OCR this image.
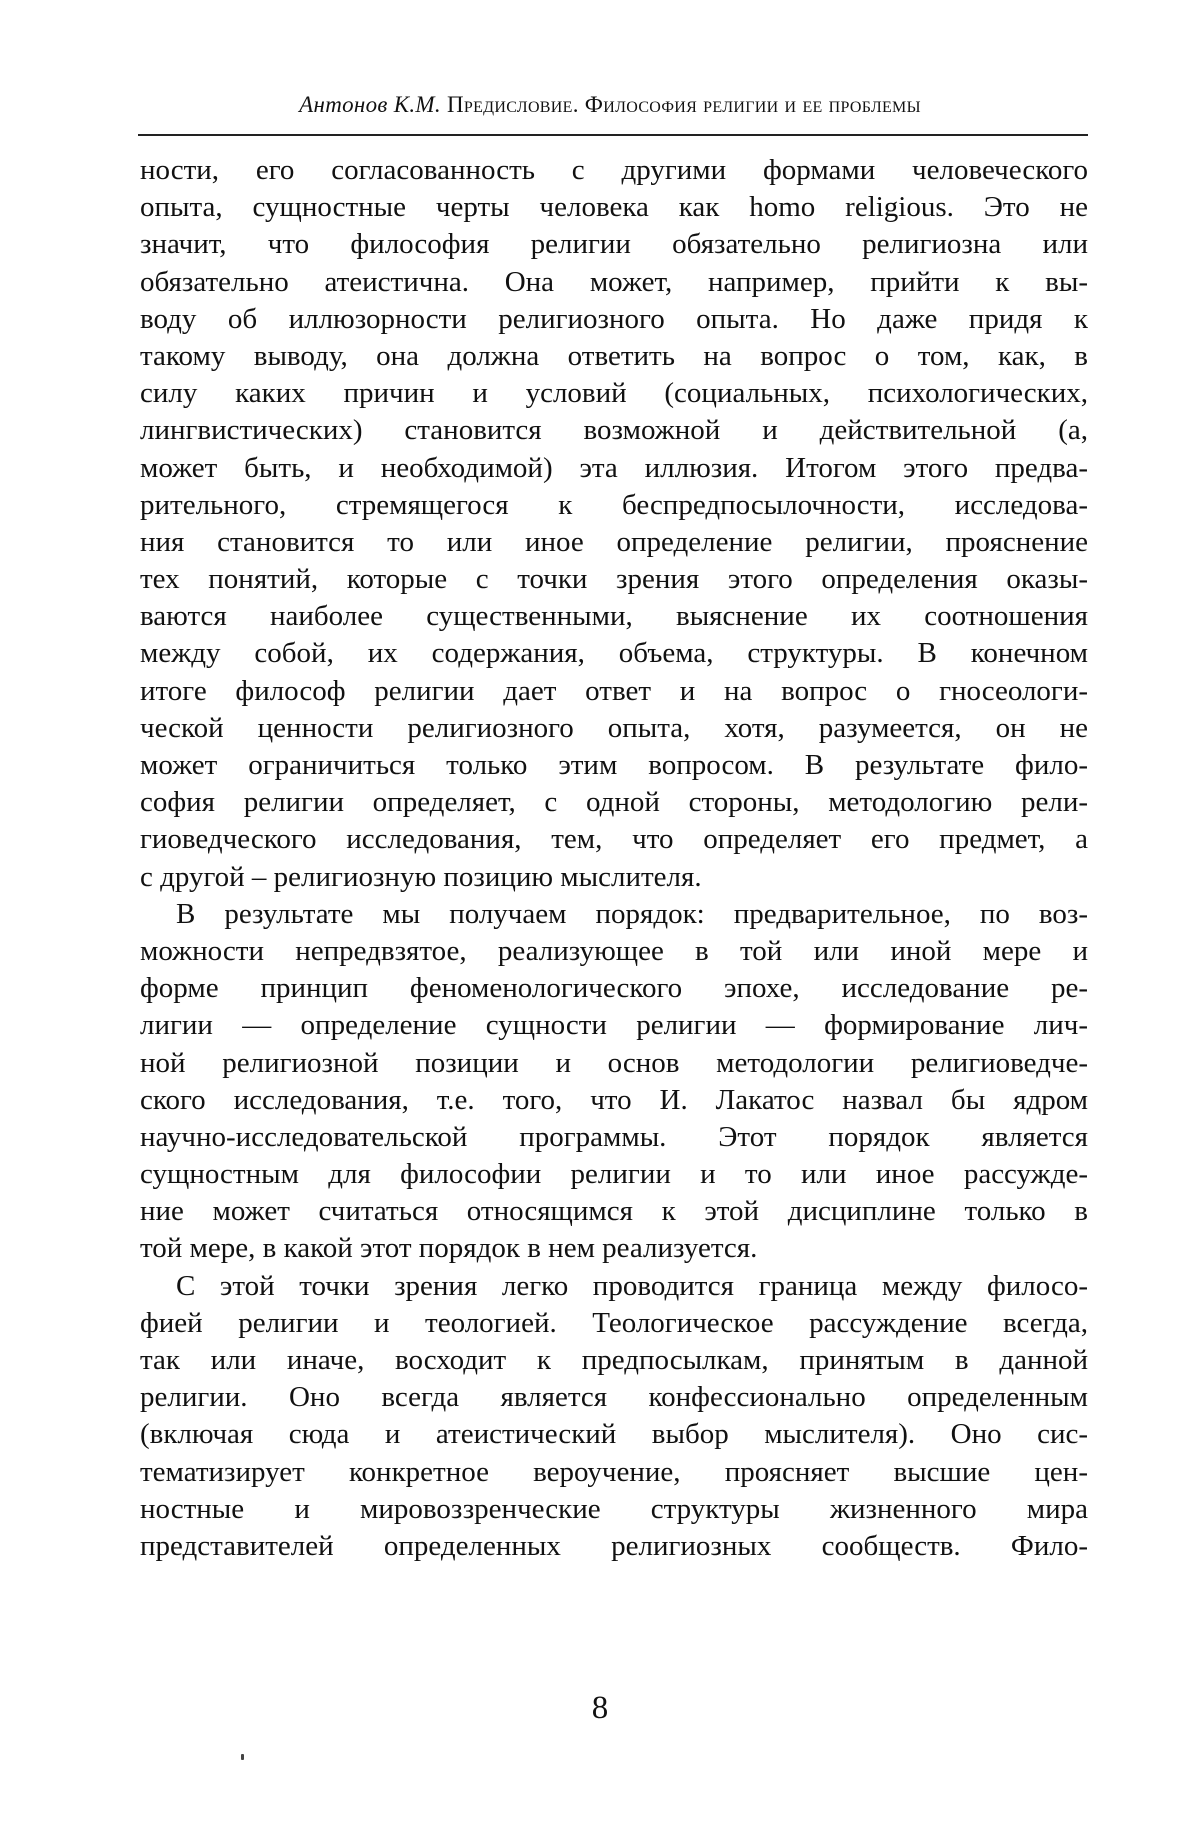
Антонов К.М. Предисловие. Философия религии и ее проблемы
ности, его согласованность с другими формами человеческого
опыта, сущностные черты человека как homo religious. Это не
значит, что философия религии обязательно религиозна или
обязательно атеистична. Она может, например, прийти к вы-
воду об иллюзорности религиозного опыта. Но даже придя к
такому выводу, она должна ответить на вопрос о том, как, в
силу каких причин и условий (социальных, психологических,
лингвистических) становится возможной и действительной (а,
может быть, и необходимой) эта иллюзия. Итогом этого предва-
рительного, стремящегося к беспредпосылочности, исследова-
ния становится то или иное определение религии, прояснение
тех понятий, которые с точки зрения этого определения оказы-
ваются наиболее существенными, выяснение их соотношения
между собой, их содержания, объема, структуры. В конечном
итоге философ религии дает ответ и на вопрос о гносеологи-
ческой ценности религиозного опыта, хотя, разумеется, он не
может ограничиться только этим вопросом. В результате фило-
софия религии определяет, с одной стороны, методологию рели-
гиоведческого исследования, тем, что определяет его предмет, а
с другой – религиозную позицию мыслителя.
В результате мы получаем порядок: предварительное, по воз-
можности непредвзятое, реализующее в той или иной мере и
форме принцип феноменологического эпохе, исследование ре-
лигии — определение сущности религии — формирование лич-
ной религиозной позиции и основ методологии религиоведче-
ского исследования, т.е. того, что И. Лакатос назвал бы ядром
научно-исследовательской программы. Этот порядок является
сущностным для философии религии и то или иное рассужде-
ние может считаться относящимся к этой дисциплине только в
той мере, в какой этот порядок в нем реализуется.
С этой точки зрения легко проводится граница между филосо-
фией религии и теологией. Теологическое рассуждение всегда,
так или иначе, восходит к предпосылкам, принятым в данной
религии. Оно всегда является конфессионально определенным
(включая сюда и атеистический выбор мыслителя). Оно сис-
тематизирует конкретное вероучение, проясняет высшие цен-
ностные и мировоззренческие структуры жизненного мира
представителей определенных религиозных сообществ. Фило-
8
